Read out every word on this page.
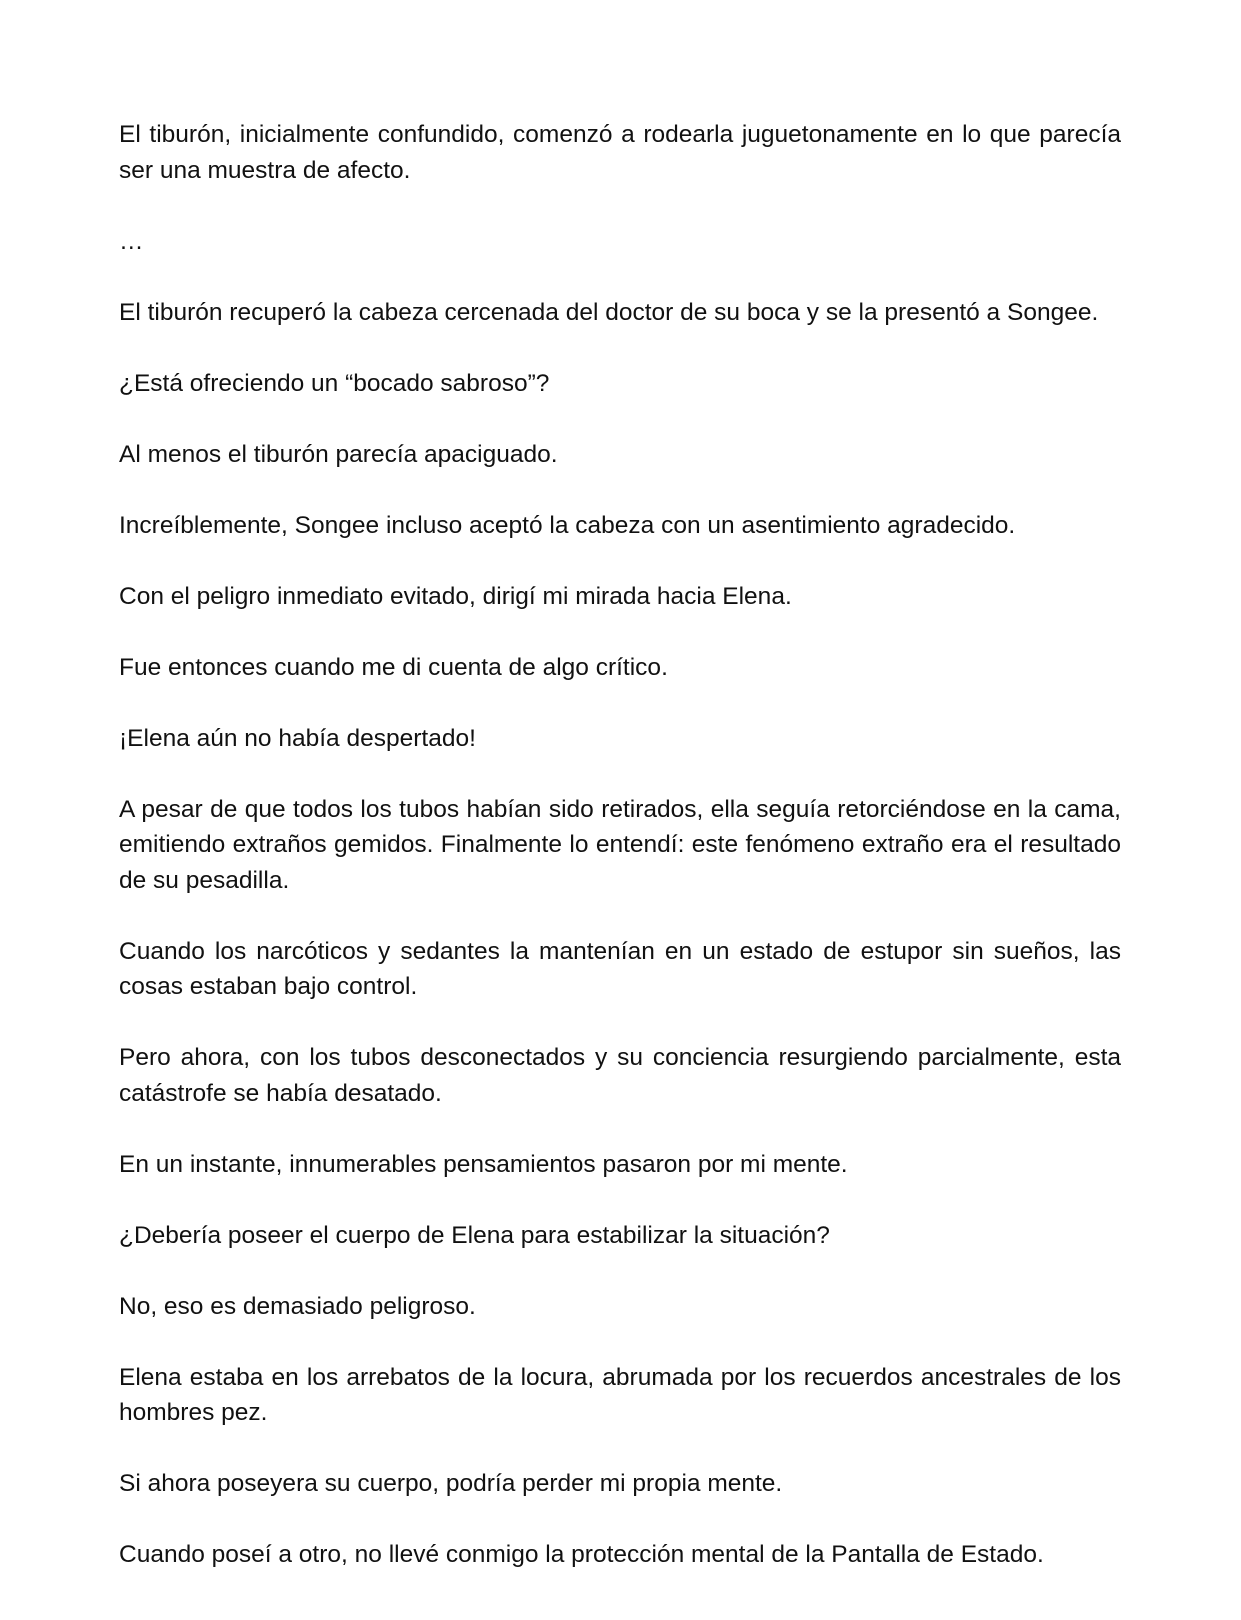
El tiburón, inicialmente confundido, comenzó a rodearla juguetonamente en lo que parecía ser una muestra de afecto.

…

El tiburón recuperó la cabeza cercenada del doctor de su boca y se la presentó a Songee.

¿Está ofreciendo un “bocado sabroso”?

Al menos el tiburón parecía apaciguado.

Increíblemente, Songee incluso aceptó la cabeza con un asentimiento agradecido.

Con el peligro inmediato evitado, dirigí mi mirada hacia Elena.

Fue entonces cuando me di cuenta de algo crítico.

¡Elena aún no había despertado!

A pesar de que todos los tubos habían sido retirados, ella seguía retorciéndose en la cama, emitiendo extraños gemidos. Finalmente lo entendí: este fenómeno extraño era el resultado de su pesadilla.

Cuando los narcóticos y sedantes la mantenían en un estado de estupor sin sueños, las cosas estaban bajo control.

Pero ahora, con los tubos desconectados y su conciencia resurgiendo parcialmente, esta catástrofe se había desatado.

En un instante, innumerables pensamientos pasaron por mi mente.

¿Debería poseer el cuerpo de Elena para estabilizar la situación?

No, eso es demasiado peligroso.

Elena estaba en los arrebatos de la locura, abrumada por los recuerdos ancestrales de los hombres pez.

Si ahora poseyera su cuerpo, podría perder mi propia mente.

Cuando poseí a otro, no llevé conmigo la protección mental de la Pantalla de Estado.
